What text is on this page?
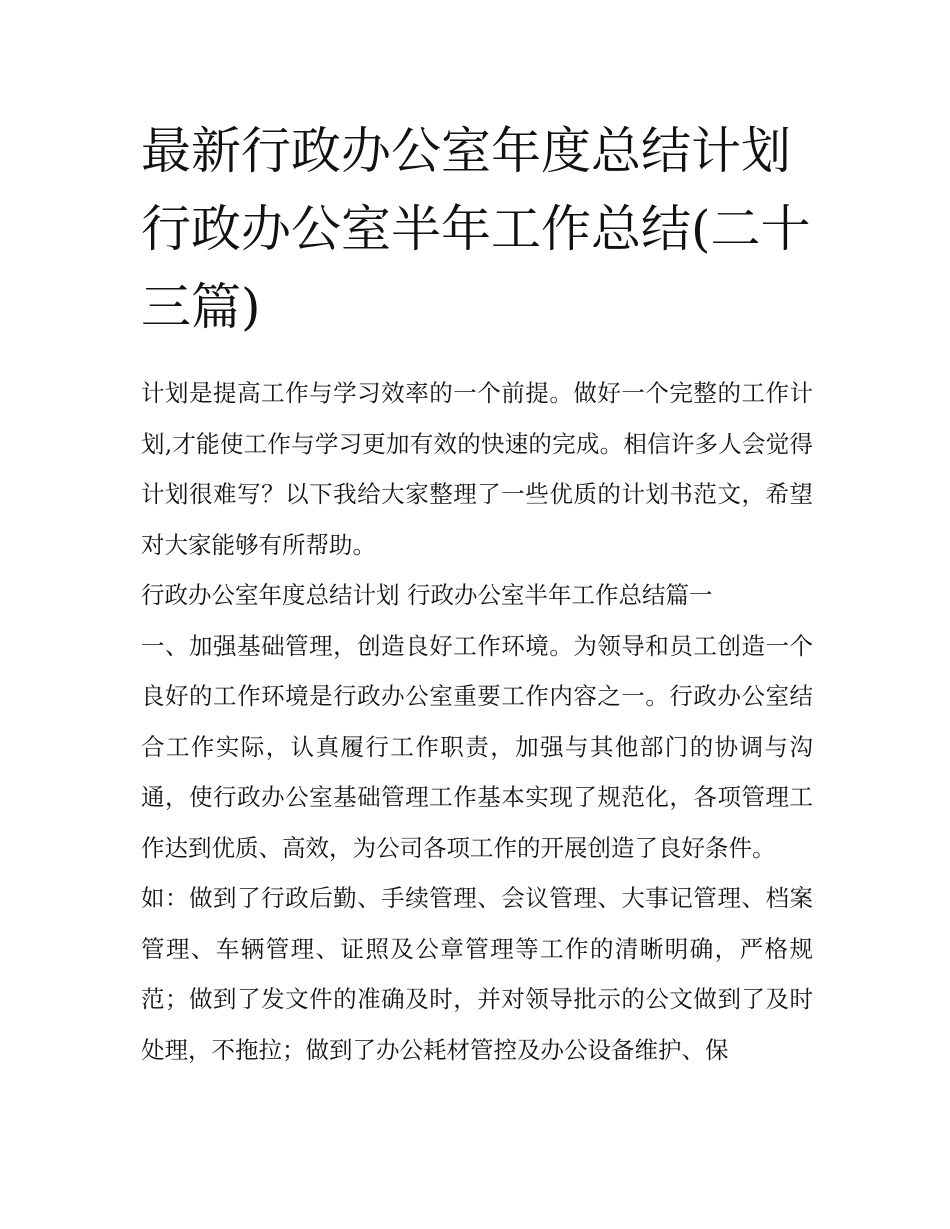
最新行政办公室年度总结计划 行政办公室半年工作总结(二十三篇)

计划是提高工作与学习效率的一个前提。做好一个完整的工作计划,才能使工作与学习更加有效的快速的完成。相信许多人会觉得计划很难写？以下我给大家整理了一些优质的计划书范文，希望对大家能够有所帮助。

行政办公室年度总结计划 行政办公室半年工作总结篇一

一、加强基础管理，创造良好工作环境。为领导和员工创造一个良好的工作环境是行政办公室重要工作内容之一。行政办公室结合工作实际，认真履行工作职责，加强与其他部门的协调与沟通，使行政办公室基础管理工作基本实现了规范化，各项管理工作达到优质、高效，为公司各项工作的开展创造了良好条件。

如：做到了行政后勤、手续管理、会议管理、大事记管理、档案管理、车辆管理、证照及公章管理等工作的清晰明确，严格规范；做到了发文件的准确及时，并对领导批示的公文做到了及时处理，不拖拉；做到了办公耗材管控及办公设备维护、保
